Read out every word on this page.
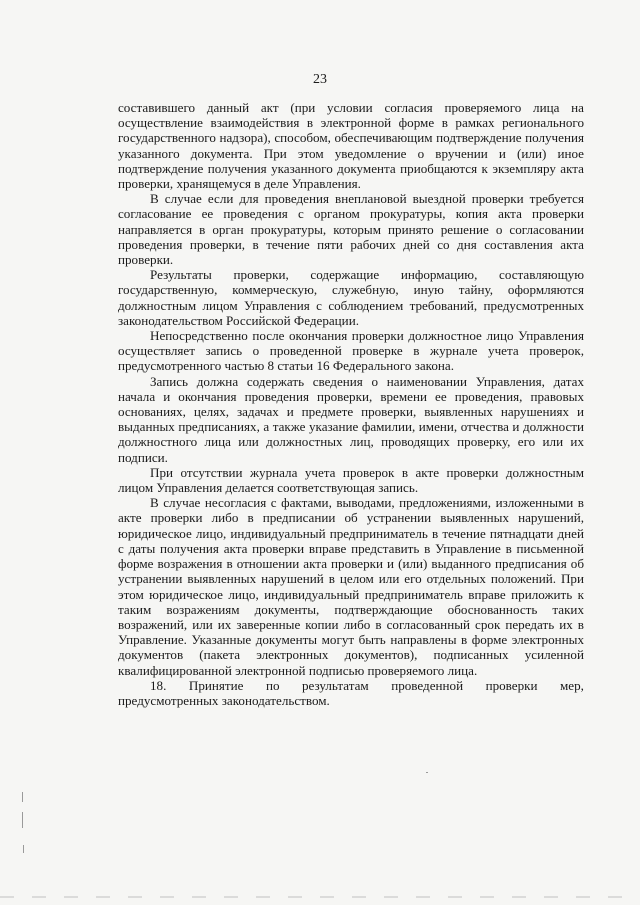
23

составившего данный акт (при условии согласия проверяемого лица на осуществление взаимодействия в электронной форме в рамках регионального государственного надзора), способом, обеспечивающим подтверждение получения указанного документа. При этом уведомление о вручении и (или) иное подтверждение получения указанного документа приобщаются к экземпляру акта проверки, хранящемуся в деле Управления.

В случае если для проведения внеплановой выездной проверки требуется согласование ее проведения с органом прокуратуры, копия акта проверки направляется в орган прокуратуры, которым принято решение о согласовании проведения проверки, в течение пяти рабочих дней со дня составления акта проверки.

Результаты проверки, содержащие информацию, составляющую государственную, коммерческую, служебную, иную тайну, оформляются должностным лицом Управления с соблюдением требований, предусмотренных законодательством Российской Федерации.

Непосредственно после окончания проверки должностное лицо Управления осуществляет запись о проведенной проверке в журнале учета проверок, предусмотренного частью 8 статьи 16 Федерального закона.

Запись должна содержать сведения о наименовании Управления, датах начала и окончания проведения проверки, времени ее проведения, правовых основаниях, целях, задачах и предмете проверки, выявленных нарушениях и выданных предписаниях, а также указание фамилии, имени, отчества и должности должностного лица или должностных лиц, проводящих проверку, его или их подписи.

При отсутствии журнала учета проверок в акте проверки должностным лицом Управления делается соответствующая запись.

В случае несогласия с фактами, выводами, предложениями, изложенными в акте проверки либо в предписании об устранении выявленных нарушений, юридическое лицо, индивидуальный предприниматель в течение пятнадцати дней с даты получения акта проверки вправе представить в Управление в письменной форме возражения в отношении акта проверки и (или) выданного предписания об устранении выявленных нарушений в целом или его отдельных положений. При этом юридическое лицо, индивидуальный предприниматель вправе приложить к таким возражениям документы, подтверждающие обоснованность таких возражений, или их заверенные копии либо в согласованный срок передать их в Управление. Указанные документы могут быть направлены в форме электронных документов (пакета электронных документов), подписанных усиленной квалифицированной электронной подписью проверяемого лица.

18. Принятие по результатам проведенной проверки мер,

предусмотренных законодательством.
